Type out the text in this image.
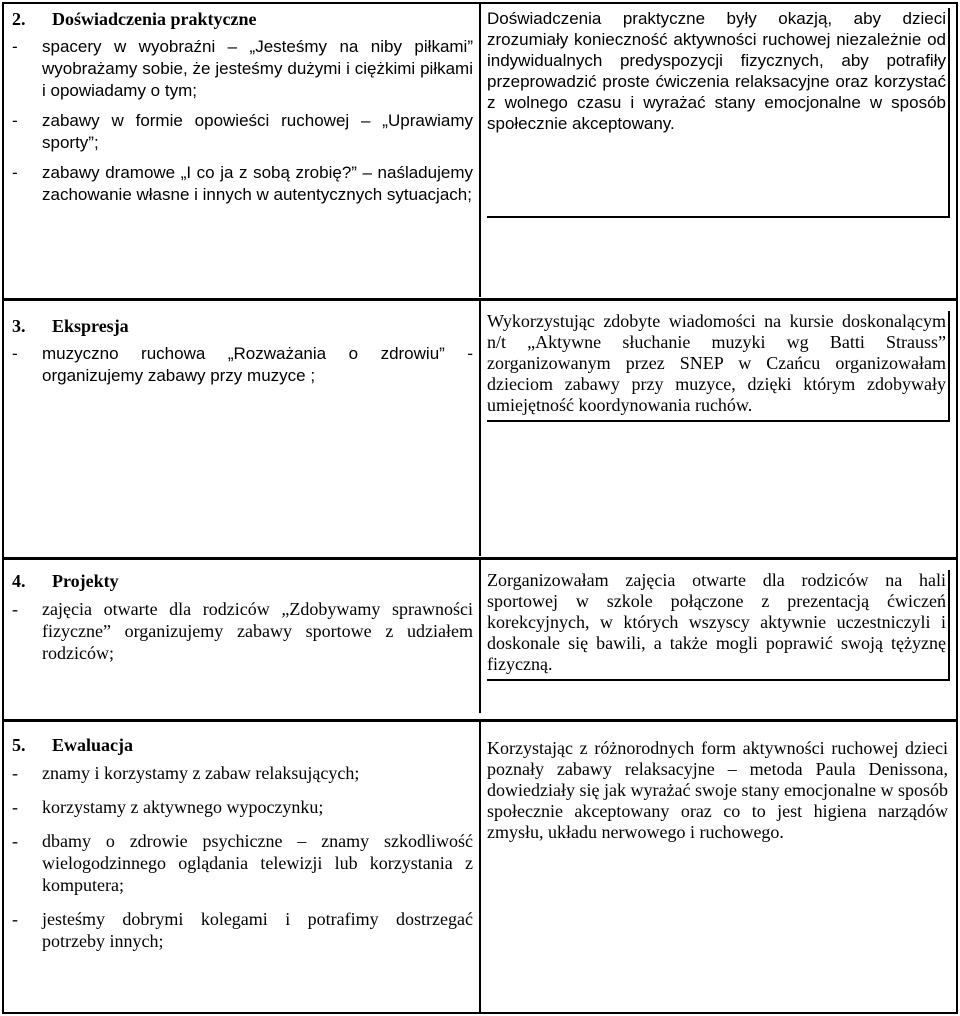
2.	Doświadczenia praktyczne
-	spacery w wyobraźni – „Jesteśmy na niby piłkami” wyobrażamy sobie, że jesteśmy dużymi i ciężkimi piłkami i opowiadamy o tym;
-	zabawy w formie opowieści ruchowej – „Uprawiamy sporty”;
-	zabawy dramowe „I co ja z sobą zrobię?” – naśladujemy zachowanie własne i innych w autentycznych sytuacjach;

Doświadczenia praktyczne były okazją, aby dzieci zrozumiały konieczność aktywności ruchowej niezależnie od indywidualnych predyspozycji fizycznych, aby potrafiły przeprowadzić proste ćwiczenia relaksacyjne oraz korzystać z wolnego czasu i wyrażać stany emocjonalne w sposób społecznie akceptowany.

3.	Ekspresja
-	muzyczno ruchowa „Rozważania o zdrowiu” - organizujemy zabawy przy muzyce ;

Wykorzystując zdobyte wiadomości na kursie doskonalącym n/t „Aktywne słuchanie muzyki wg Batti Strauss” zorganizowanym przez SNEP w Czańcu organizowałam dzieciom zabawy przy muzyce, dzięki którym zdobywały umiejętność koordynowania ruchów.

4.	Projekty
-	zajęcia otwarte dla rodziców „Zdobywamy sprawności fizyczne” organizujemy zabawy sportowe z udziałem rodziców;

Zorganizowałam zajęcia otwarte dla rodziców na hali sportowej w szkole połączone z prezentacją ćwiczeń korekcyjnych, w których wszyscy aktywnie uczestniczyli i doskonale się bawili, a także mogli poprawić swoją tężyznę fizyczną.

5.	Ewaluacja
-	znamy i korzystamy z zabaw relaksujących;
-	korzystamy z aktywnego wypoczynku;
-	dbamy o zdrowie psychiczne – znamy szkodliwość wielogodzinnego oglądania telewizji lub korzystania z komputera;
-	jesteśmy dobrymi kolegami i potrafimy dostrzegać potrzeby innych;

Korzystając z różnorodnych form aktywności ruchowej dzieci poznały zabawy relaksacyjne – metoda Paula Denissona, dowiedziały się jak wyrażać swoje stany emocjonalne w sposób społecznie akceptowany oraz co to jest higiena narządów zmysłu, układu nerwowego i ruchowego.
